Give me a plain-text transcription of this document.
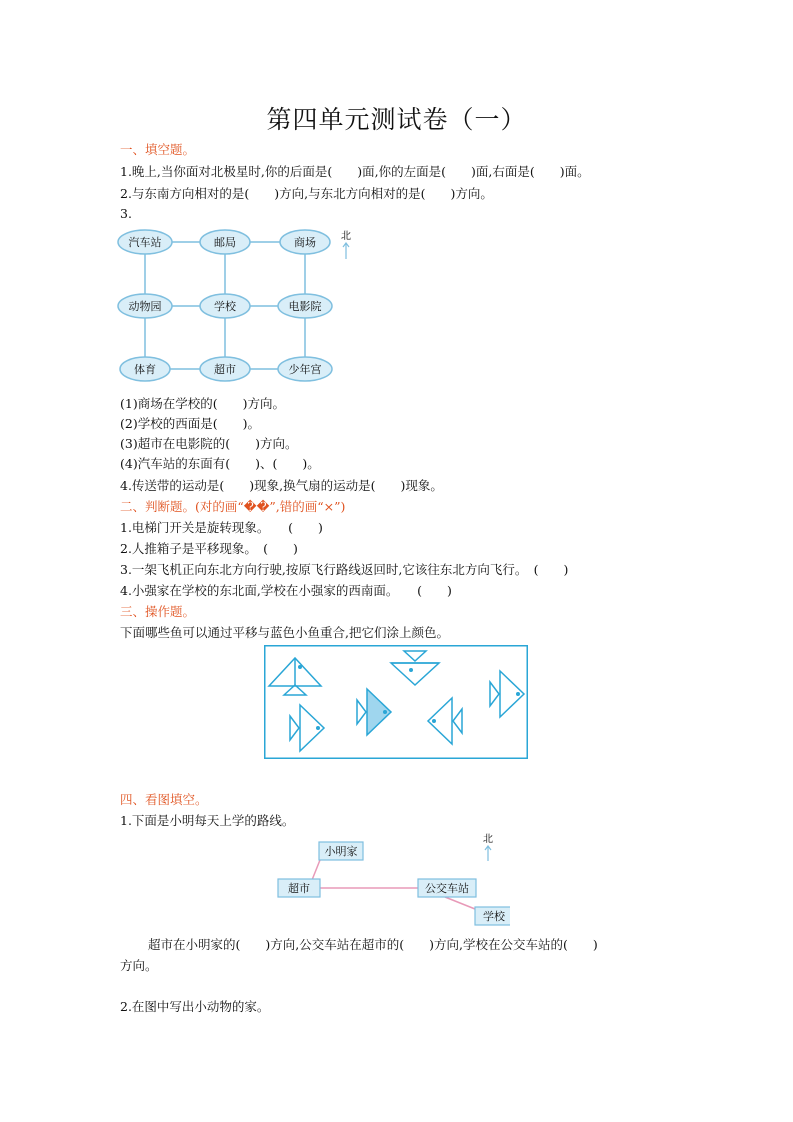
第四单元测试卷（一）
一、填空题。
1.晚上,当你面对北极星时,你的后面是(　　)面,你的左面是(　　)面,右面是(　　)面。
2.与东南方向相对的是(　　)方向,与东北方向相对的是(　　)方向。
3.
汽车站	邮局	商场
动物园	学校	电影院
体育	超市	少年宫
北
(1)商场在学校的(　　)方向。
(2)学校的西面是(　　)。
(3)超市在电影院的(　　)方向。
(4)汽车站的东面有(　　)、(　　)。
4.传送带的运动是(　　)现象,换气扇的运动是(　　)现象。
二、判断题。(对的画“��”,错的画“×”)
1.电梯门开关是旋转现象。　　(　　)
2.人推箱子是平移现象。　(　　)
3.一架飞机正向东北方向行驶,按原飞行路线返回时,它该往东北方向飞行。　(　　)
4.小强家在学校的东北面,学校在小强家的西南面。　　(　　)
三、操作题。
下面哪些鱼可以通过平移与蓝色小鱼重合,把它们涂上颜色。
四、看图填空。
1.下面是小明每天上学的路线。
小明家
超市	公交车站
学校
北
超市在小明家的(　　)方向,公交车站在超市的(　　)方向,学校在公交车站的(　　)
方向。
2.在图中写出小动物的家。
